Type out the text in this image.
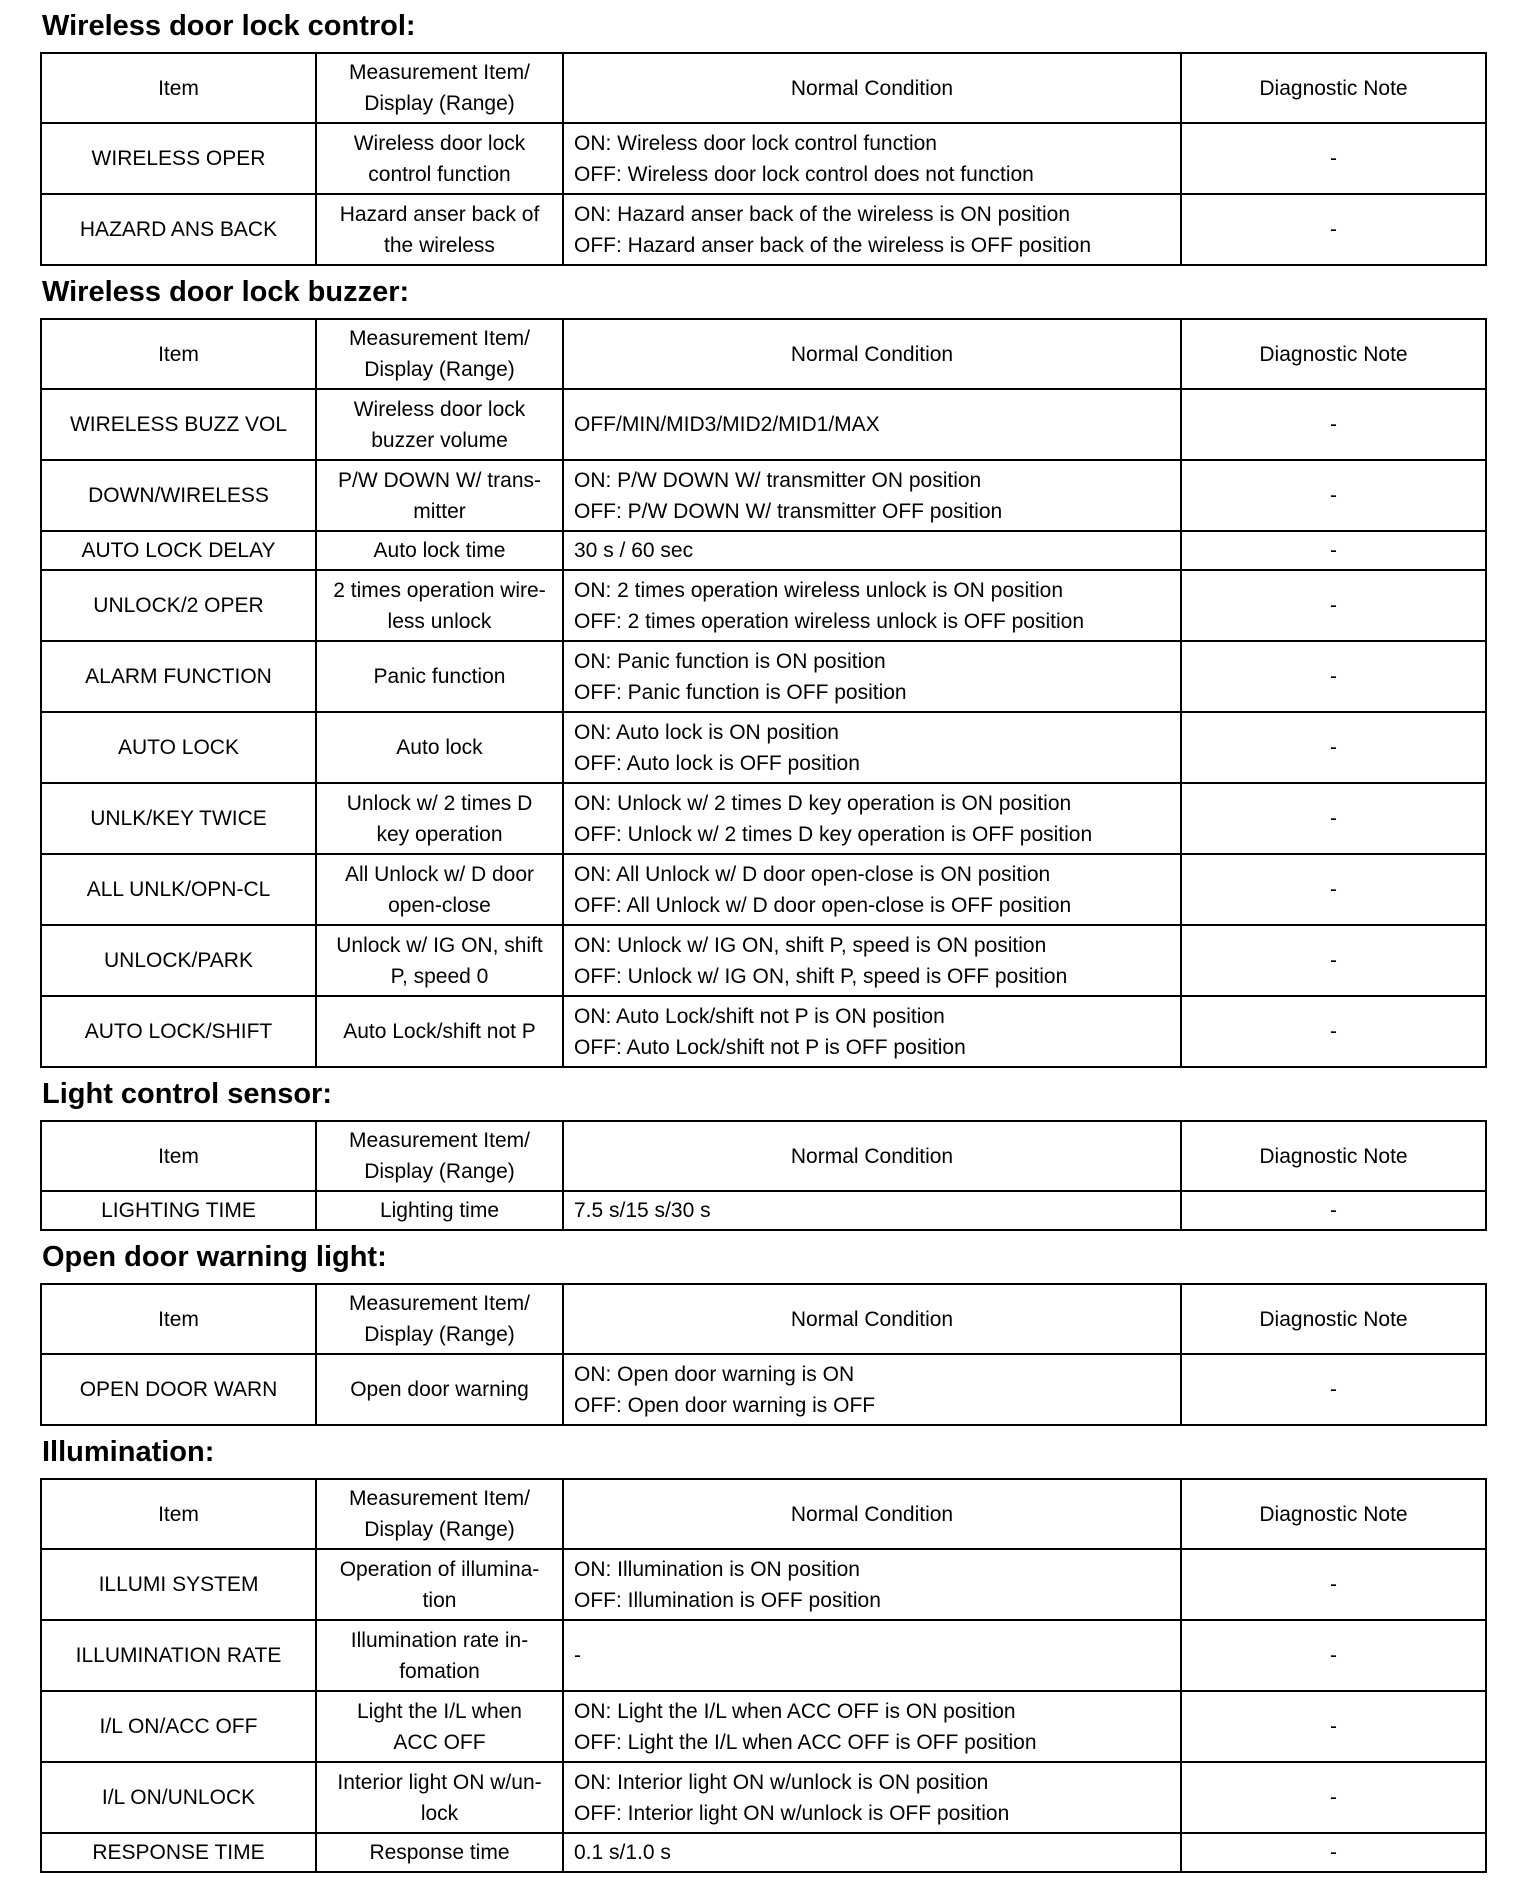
Wireless door lock control:
Item	Measurement Item/
Display (Range)	Normal Condition	Diagnostic Note

WIRELESS OPER	Wireless door lock
control function	ON: Wireless door lock control function
OFF: Wireless door lock control does not function	-
HAZARD ANS BACK	Hazard anser back of
the wireless	ON: Hazard anser back of the wireless is ON position
OFF: Hazard anser back of the wireless is OFF position	-
Wireless door lock buzzer:
Item	Measurement Item/
Display (Range)	Normal Condition	Diagnostic Note

WIRELESS BUZZ VOL	Wireless door lock
buzzer volume	OFF/MIN/MID3/MID2/MID1/MAX	-
DOWN/WIRELESS	P/W DOWN W/ trans-
mitter	ON: P/W DOWN W/ transmitter ON position
OFF: P/W DOWN W/ transmitter OFF position	-
AUTO LOCK DELAY	Auto lock time	30 s / 60 sec	-
UNLOCK/2 OPER	2 times operation wire-
less unlock	ON: 2 times operation wireless unlock is ON position
OFF: 2 times operation wireless unlock is OFF position	-
ALARM FUNCTION	Panic function	ON: Panic function is ON position
OFF: Panic function is OFF position	-
AUTO LOCK	Auto lock	ON: Auto lock is ON position
OFF: Auto lock is OFF position	-
UNLK/KEY TWICE	Unlock w/ 2 times D
key operation	ON: Unlock w/ 2 times D key operation is ON position
OFF: Unlock w/ 2 times D key operation is OFF position	-
ALL UNLK/OPN-CL	All Unlock w/ D door
open-close	ON: All Unlock w/ D door open-close is ON position
OFF: All Unlock w/ D door open-close is OFF position	-
UNLOCK/PARK	Unlock w/ IG ON, shift
P, speed 0	ON: Unlock w/ IG ON, shift P, speed is ON position
OFF: Unlock w/ IG ON, shift P, speed is OFF position	-
AUTO LOCK/SHIFT	Auto Lock/shift not P	ON: Auto Lock/shift not P is ON position
OFF: Auto Lock/shift not P is OFF position	-
Light control sensor:
Item	Measurement Item/
Display (Range)	Normal Condition	Diagnostic Note

LIGHTING TIME	Lighting time	7.5 s/15 s/30 s	-
Open door warning light:
Item	Measurement Item/
Display (Range)	Normal Condition	Diagnostic Note

OPEN DOOR WARN	Open door warning	ON: Open door warning is ON
OFF: Open door warning is OFF	-
Illumination:
Item	Measurement Item/
Display (Range)	Normal Condition	Diagnostic Note

ILLUMI SYSTEM	Operation of illumina-
tion	ON: Illumination is ON position
OFF: Illumination is OFF position	-
ILLUMINATION RATE	Illumination rate in-
fomation	-	-
I/L ON/ACC OFF	Light the I/L when
ACC OFF	ON: Light the I/L when ACC OFF is ON position
OFF: Light the I/L when ACC OFF is OFF position	-
I/L ON/UNLOCK	Interior light ON w/un-
lock	ON: Interior light ON w/unlock is ON position
OFF: Interior light ON w/unlock is OFF position	-
RESPONSE TIME	Response time	0.1 s/1.0 s	-
